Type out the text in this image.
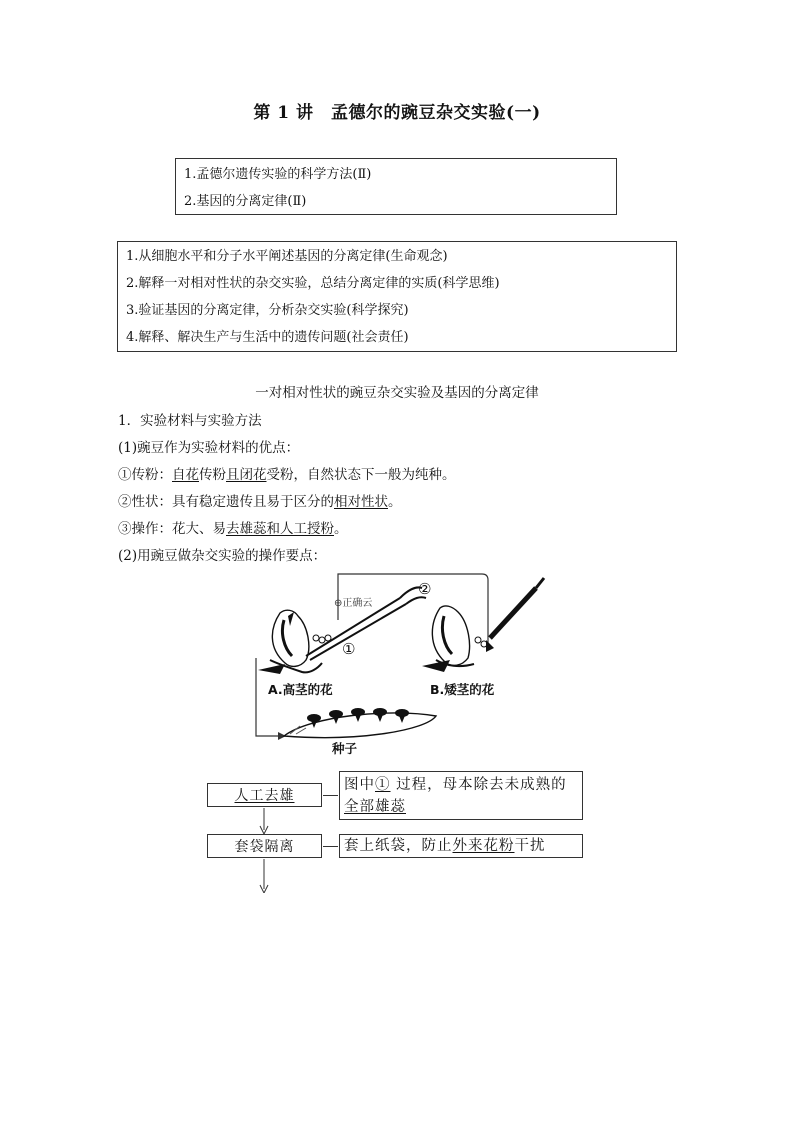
第 1 讲　孟德尔的豌豆杂交实验(一)
1.孟德尔遗传实验的科学方法(Ⅱ)
2.基因的分离定律(Ⅱ)
1.从细胞水平和分子水平阐述基因的分离定律(生命观念)
2.解释一对相对性状的杂交实验，总结分离定律的实质(科学思维)
3.验证基因的分离定律，分析杂交实验(科学探究)
4.解释、解决生产与生活中的遗传问题(社会责任)
一对相对性状的豌豆杂交实验及基因的分离定律
1．实验材料与实验方法
(1)豌豆作为实验材料的优点：
①传粉：自花传粉且闭花受粉，自然状态下一般为纯种。
②性状：具有稳定遗传且易于区分的相对性状。
③操作：花大、易去雄蕊和人工授粉。
(2)用豌豆做杂交实验的操作要点：
⊕正确云
①
②
A.高茎的花	B.矮茎的花
种子
人工去雄
图中① 过程，母本除去未成熟的
全部雄蕊
套袋隔离	套上纸袋，防止外来花粉干扰
